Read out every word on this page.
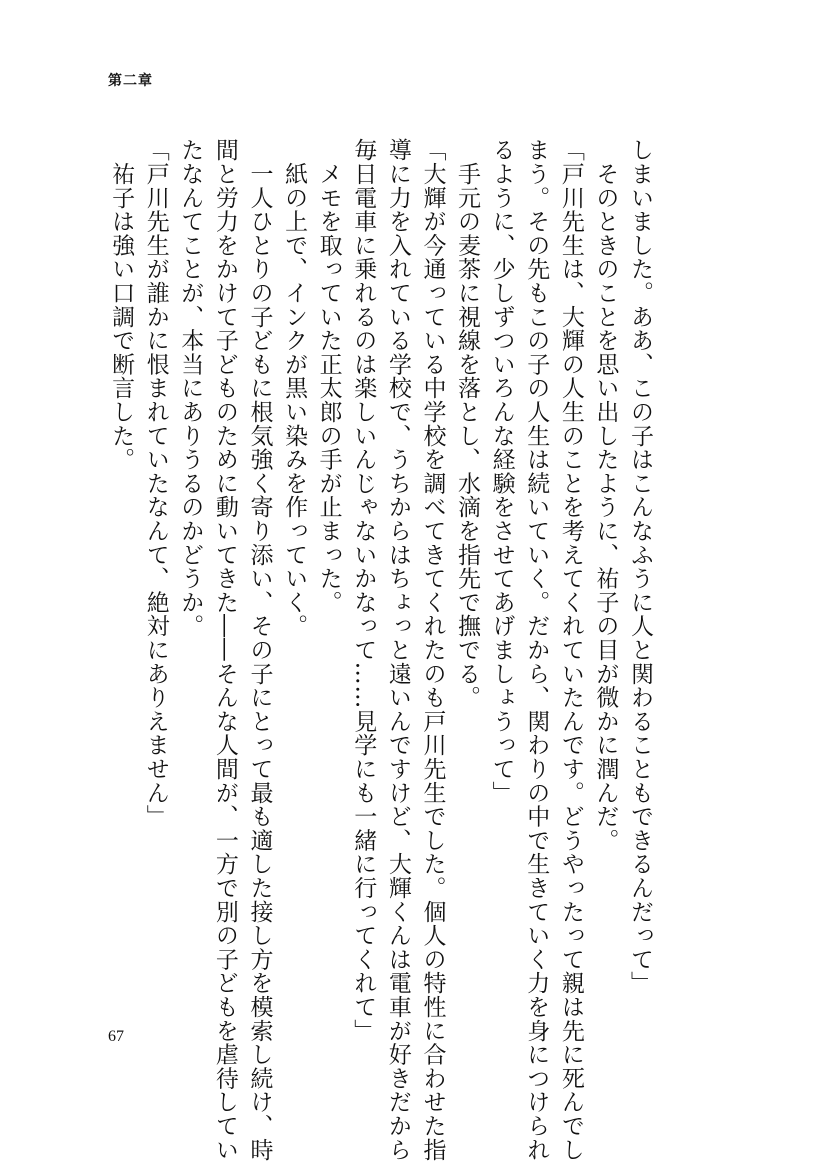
第二章
しまいました。ああ、この子はこんなふうに人と関わることもできるんだって」
　そのときのことを思い出したように、祐子の目が微かに潤んだ。
「戸川先生は、大輝の人生のことを考えてくれていたんです。どうやったって親は先に死んでし
まう。その先もこの子の人生は続いていく。だから、関わりの中で生きていく力を身につけられ
るように、少しずついろんな経験をさせてあげましょうって」
　手元の麦茶に視線を落とし、水滴を指先で撫でる。
「大輝が今通っている中学校を調べてきてくれたのも戸川先生でした。個人の特性に合わせた指
導に力を入れている学校で、うちからはちょっと遠いんですけど、大輝くんは電車が好きだから
毎日電車に乗れるのは楽しいんじゃないかなって……見学にも一緒に行ってくれて」
　メモを取っていた正太郎の手が止まった。
　紙の上で、インクが黒い染みを作っていく。
　一人ひとりの子どもに根気強く寄り添い、その子にとって最も適した接し方を模索し続け、時
間と労力をかけて子どものために動いてきた――そんな人間が、一方で別の子どもを虐待してい
たなんてことが、本当にありうるのかどうか。
「戸川先生が誰かに恨まれていたなんて、絶対にありえません」
　祐子は強い口調で断言した。
67
